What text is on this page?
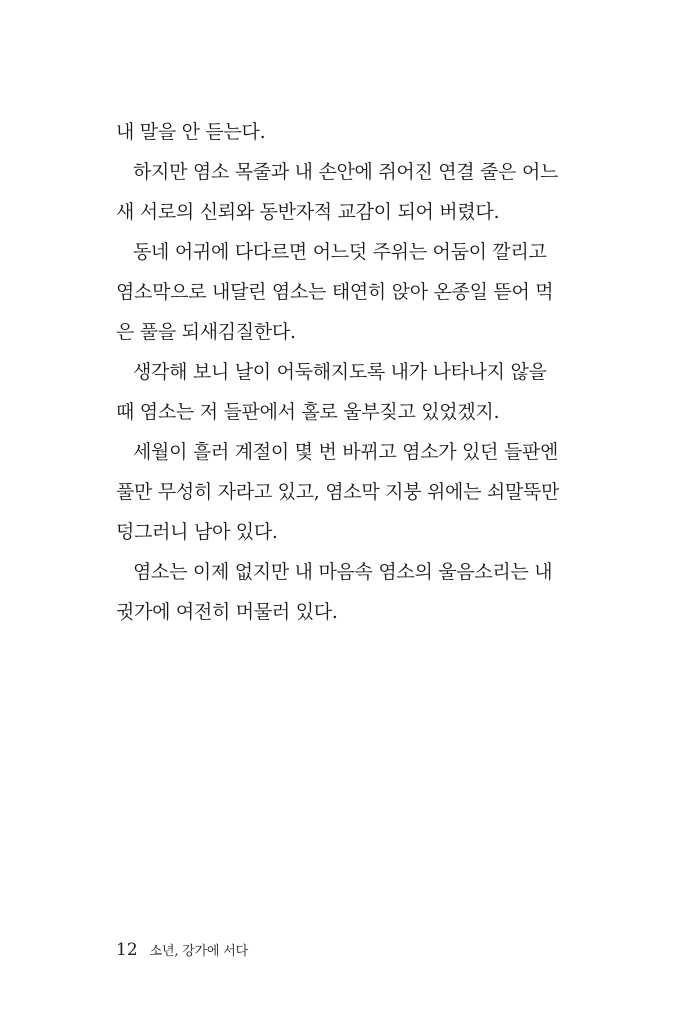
내 말을 안 듣는다.
하지만 염소 목줄과 내 손안에 쥐어진 연결 줄은 어느
새 서로의 신뢰와 동반자적 교감이 되어 버렸다.
동네 어귀에 다다르면 어느덧 주위는 어둠이 깔리고
염소막으로 내달린 염소는 태연히 앉아 온종일 뜯어 먹
은 풀을 되새김질한다.
생각해 보니 날이 어둑해지도록 내가 나타나지 않을
때 염소는 저 들판에서 홀로 울부짖고 있었겠지.
세월이 흘러 계절이 몇 번 바뀌고 염소가 있던 들판엔
풀만 무성히 자라고 있고, 염소막 지붕 위에는 쇠말뚝만
덩그러니 남아 있다.
염소는 이제 없지만 내 마음속 염소의 울음소리는 내
귓가에 여전히 머물러 있다.
12 소년, 강가에 서다
